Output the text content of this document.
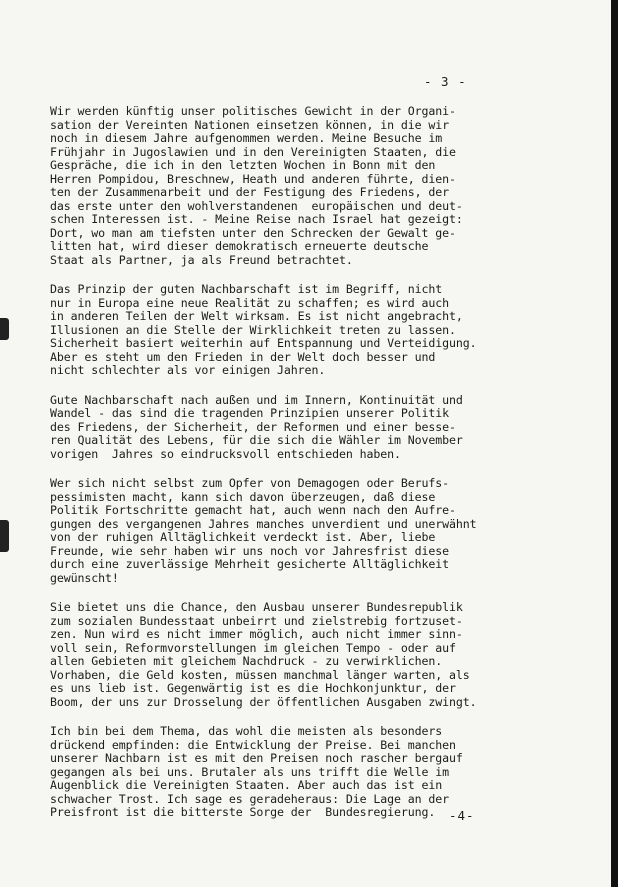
- 3 -
Wir werden künftig unser politisches Gewicht in der Organi-
sation der Vereinten Nationen einsetzen können, in die wir
noch in diesem Jahre aufgenommen werden. Meine Besuche im
Frühjahr in Jugoslawien und in den Vereinigten Staaten, die
Gespräche, die ich in den letzten Wochen in Bonn mit den
Herren Pompidou, Breschnew, Heath und anderen führte, dien-
ten der Zusammenarbeit und der Festigung des Friedens, der
das erste unter den wohlverstandenen  europäischen und deut-
schen Interessen ist. - Meine Reise nach Israel hat gezeigt:
Dort, wo man am tiefsten unter den Schrecken der Gewalt ge-
litten hat, wird dieser demokratisch erneuerte deutsche
Staat als Partner, ja als Freund betrachtet.
Das Prinzip der guten Nachbarschaft ist im Begriff, nicht
nur in Europa eine neue Realität zu schaffen; es wird auch
in anderen Teilen der Welt wirksam. Es ist nicht angebracht,
Illusionen an die Stelle der Wirklichkeit treten zu lassen.
Sicherheit basiert weiterhin auf Entspannung und Verteidigung.
Aber es steht um den Frieden in der Welt doch besser und
nicht schlechter als vor einigen Jahren.
Gute Nachbarschaft nach außen und im Innern, Kontinuität und
Wandel - das sind die tragenden Prinzipien unserer Politik
des Friedens, der Sicherheit, der Reformen und einer besse-
ren Qualität des Lebens, für die sich die Wähler im November
vorigen  Jahres so eindrucksvoll entschieden haben.
Wer sich nicht selbst zum Opfer von Demagogen oder Berufs-
pessimisten macht, kann sich davon überzeugen, daß diese
Politik Fortschritte gemacht hat, auch wenn nach den Aufre-
gungen des vergangenen Jahres manches unverdient und unerwähnt
von der ruhigen Alltäglichkeit verdeckt ist. Aber, liebe
Freunde, wie sehr haben wir uns noch vor Jahresfrist diese
durch eine zuverlässige Mehrheit gesicherte Alltäglichkeit
gewünscht!
Sie bietet uns die Chance, den Ausbau unserer Bundesrepublik
zum sozialen Bundesstaat unbeirrt und zielstrebig fortzuset-
zen. Nun wird es nicht immer möglich, auch nicht immer sinn-
voll sein, Reformvorstellungen im gleichen Tempo - oder auf
allen Gebieten mit gleichem Nachdruck - zu verwirklichen.
Vorhaben, die Geld kosten, müssen manchmal länger warten, als
es uns lieb ist. Gegenwärtig ist es die Hochkonjunktur, der
Boom, der uns zur Drosselung der öffentlichen Ausgaben zwingt.
Ich bin bei dem Thema, das wohl die meisten als besonders
drückend empfinden: die Entwicklung der Preise. Bei manchen
unserer Nachbarn ist es mit den Preisen noch rascher bergauf
gegangen als bei uns. Brutaler als uns trifft die Welle im
Augenblick die Vereinigten Staaten. Aber auch das ist ein
schwacher Trost. Ich sage es geradeheraus: Die Lage an der
Preisfront ist die bitterste Sorge der  Bundesregierung.	-4-
